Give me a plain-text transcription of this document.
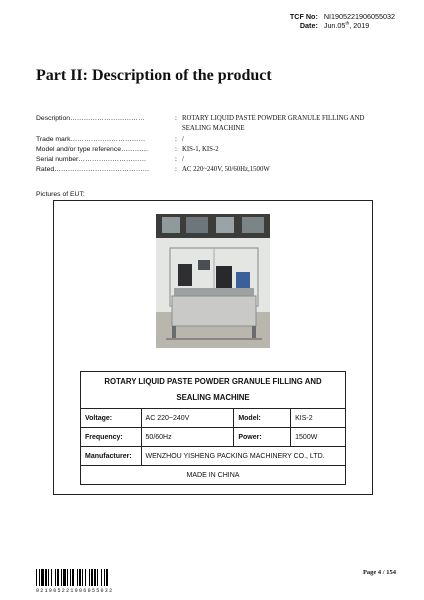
TCF No: NI1905221906055032
Date: Jun.05th, 2019
Part II: Description of the product
Description……………………………	: ROTARY LIQUID PASTE POWDER GRANULE FILLING AND
SEALING MACHINE
Trade mark……………………………	: /
Model and/or type reference…………	: KIS-1, KIS-2
Serial number…………………………	: /
Rated……………………………………	: AC 220~240V, 50/60Hz,1500W
Pictures of EUT:
ROTARY LIQUID PASTE POWDER GRANULE FILLING AND
SEALING MACHINE			

Voltage:	AC 220~240V	Model:	KIS-2
Frequency:	50/60Hz	Power:	1500W
Manufacturer:	WENZHOU YISHENG PACKING MACHINERY CO., LTD.		
MADE IN CHINA			
021905221906055032
Page 4 / 154
